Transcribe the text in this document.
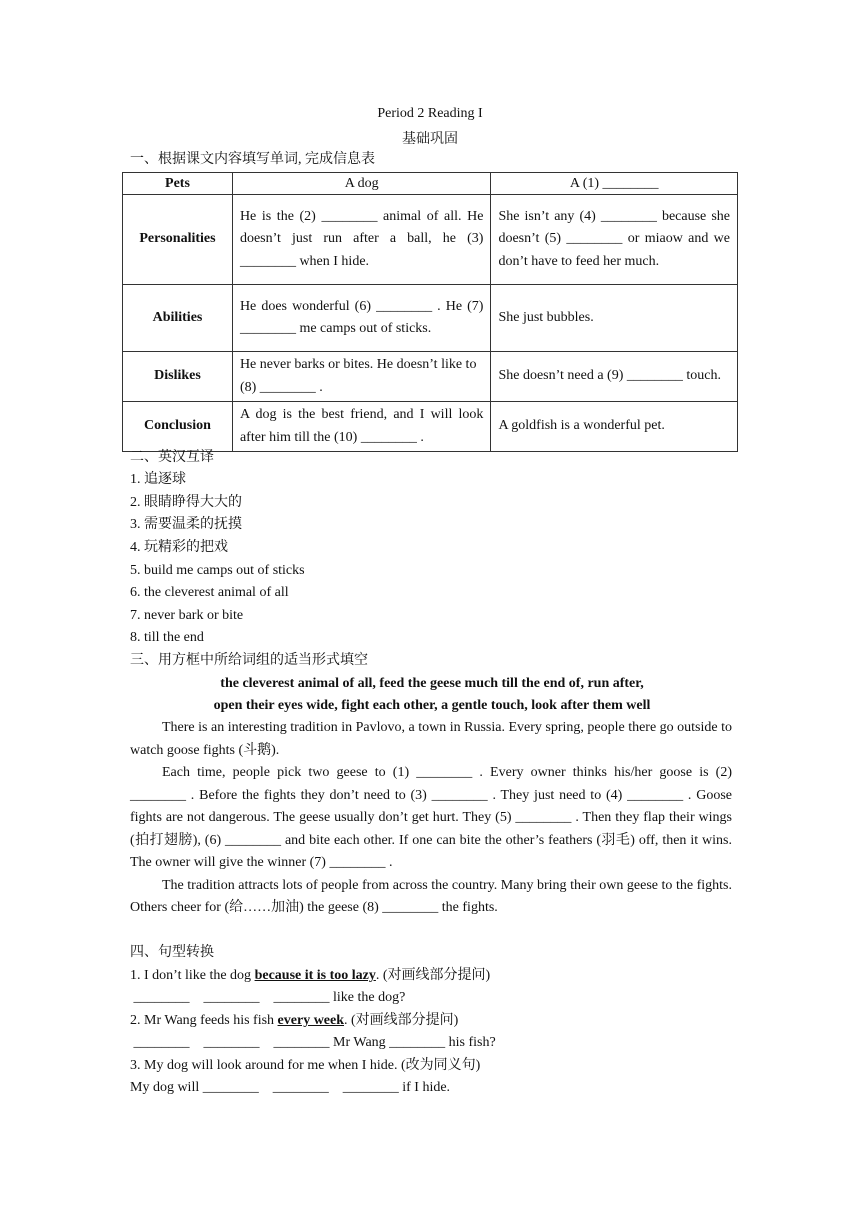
Period 2 Reading I
基础巩固
一、根据课文内容填写单词, 完成信息表
Pets	A dog	A (1) ________
Personalities	He is the (2) ________ animal of all. He doesn’t just run after a ball, he (3) ________ when I hide.	She isn’t any (4) ________ because she doesn’t (5) ________ or miaow and we don’t have to feed her much.
Abilities	He does wonderful (6) ________ . He (7) ________ me camps out of sticks.	She just bubbles.
Dislikes	He never barks or bites. He doesn’t like to (8) ________ .	She doesn’t need a (9) ________ touch.
Conclusion	A dog is the best friend, and I will look after him till the (10) ________ .	A goldfish is a wonderful pet.
二、英汉互译
1. 追逐球
2. 眼睛睁得大大的
3. 需要温柔的抚摸
4. 玩精彩的把戏
5. build me camps out of sticks
6. the cleverest animal of all
7. never bark or bite
8. till the end
三、用方框中所给词组的适当形式填空
the cleverest animal of all, feed the geese much till the end of, run after,
open their eyes wide, fight each other, a gentle touch, look after them well

There is an interesting tradition in Pavlovo, a town in Russia. Every spring, people there go outside to watch goose fights (斗鹅).

Each time, people pick two geese to (1) ________ . Every owner thinks his/her goose is (2) ________ . Before the fights they don’t need to (3) ________ . They just need to (4) ________ . Goose fights are not dangerous. The geese usually don’t get hurt. They (5) ________ . Then they flap their wings (拍打翅膀), (6) ________ and bite each other. If one can bite the other’s feathers (羽毛) off, then it wins. The owner will give the winner (7) ________ .

The tradition attracts lots of people from across the country. Many bring their own geese to the fights. Others cheer for (给……加油) the geese (8) ________ the fights.

四、句型转换
1. I don’t like the dog because it is too lazy. (对画线部分提问)
________    ________    ________ like the dog?
2. Mr Wang feeds his fish every week. (对画线部分提问)
________    ________    ________ Mr Wang ________ his fish?
3. My dog will look around for me when I hide. (改为同义句)
My dog will ________    ________    ________ if I hide.
